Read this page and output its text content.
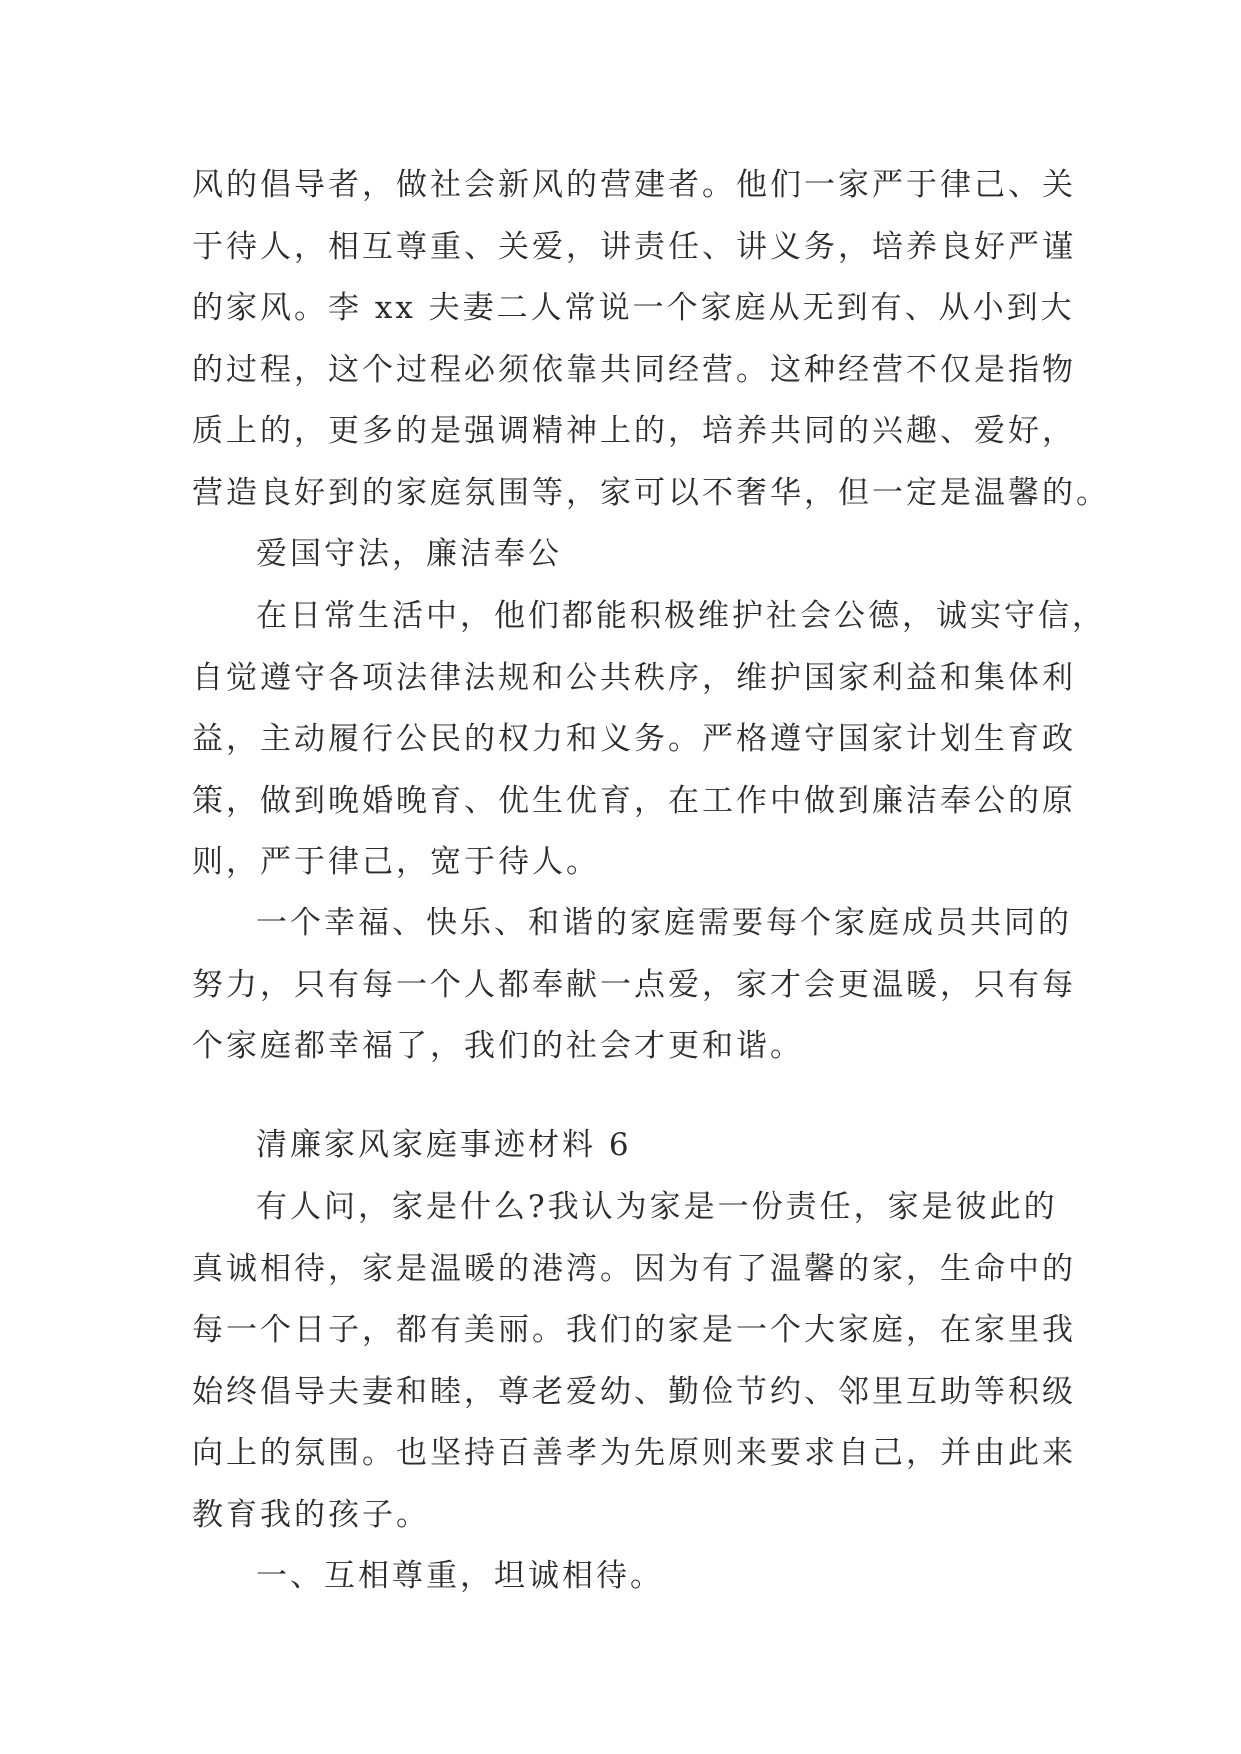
风的倡导者，做社会新风的营建者。他们一家严于律己、关
于待人，相互尊重、关爱，讲责任、讲义务，培养良好严谨
的家风。李 xx 夫妻二人常说一个家庭从无到有、从小到大
的过程，这个过程必须依靠共同经营。这种经营不仅是指物
质上的，更多的是强调精神上的，培养共同的兴趣、爱好，
营造良好到的家庭氛围等，家可以不奢华，但一定是温馨的。
爱国守法，廉洁奉公
在日常生活中，他们都能积极维护社会公德，诚实守信，
自觉遵守各项法律法规和公共秩序，维护国家利益和集体利
益，主动履行公民的权力和义务。严格遵守国家计划生育政
策，做到晚婚晚育、优生优育，在工作中做到廉洁奉公的原
则，严于律己，宽于待人。
一个幸福、快乐、和谐的家庭需要每个家庭成员共同的
努力，只有每一个人都奉献一点爱，家才会更温暖，只有每
个家庭都幸福了，我们的社会才更和谐。
清廉家风家庭事迹材料 6
有人问，家是什么?我认为家是一份责任，家是彼此的
真诚相待，家是温暖的港湾。因为有了温馨的家，生命中的
每一个日子，都有美丽。我们的家是一个大家庭，在家里我
始终倡导夫妻和睦，尊老爱幼、勤俭节约、邻里互助等积级
向上的氛围。也坚持百善孝为先原则来要求自己，并由此来
教育我的孩子。
一、互相尊重，坦诚相待。
